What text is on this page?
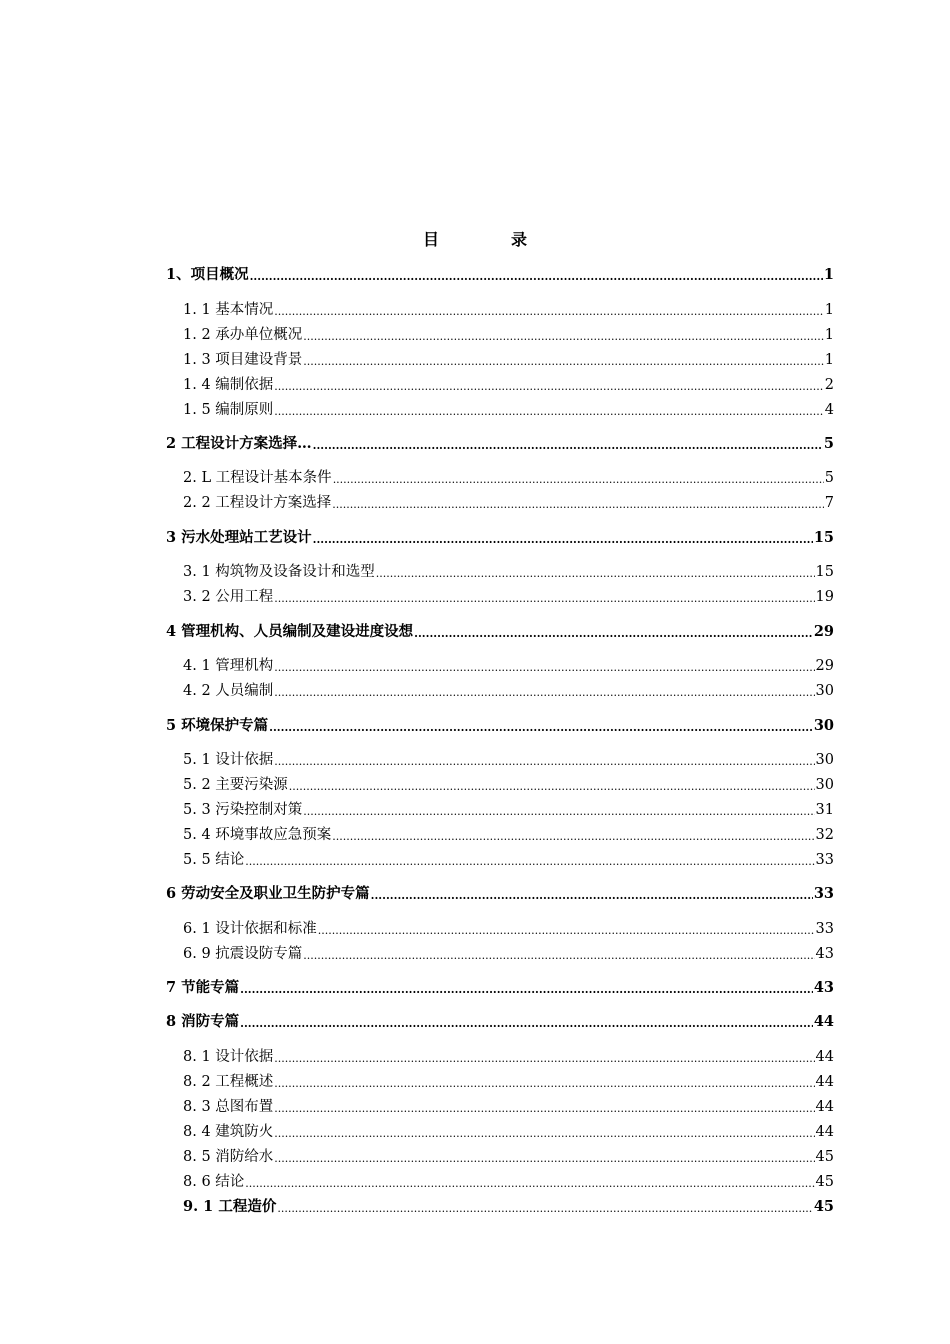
目　录
1、项目概况 .....	1
1. 1 基本情况 .....	1
1. 2 承办单位概况 .....	1
1. 3 项目建设背景 .....	1
1. 4 编制依据 .....	2
1. 5 编制原则 .....	4
2 工程设计方案选择… .....	5
2. L 工程设计基本条件 .....	5
2. 2 工程设计方案选择 .....	7
3 污水处理站工艺设计 .....	15
3. 1 构筑物及设备设计和选型 .....	15
3. 2 公用工程 .....	19
4 管理机构、人员编制及建设进度设想 .....	29
4. 1 管理机构 .....	29
4. 2 人员编制 .....	30
5 环境保护专篇 .....	30
5. 1 设计依据 .....	30
5. 2 主要污染源 .....	30
5. 3 污染控制对策 .....	31
5. 4 环境事故应急预案 .....	32
5. 5 结论 .....	33
6 劳动安全及职业卫生防护专篇 .....	33
6. 1 设计依据和标准 .....	33
6. 9 抗震设防专篇 .....	43
7 节能专篇 .....	43
8 消防专篇 .....	44
8. 1 设计依据 .....	44
8. 2 工程概述 .....	44
8. 3 总图布置 .....	44
8. 4 建筑防火 .....	44
8. 5 消防给水 .....	45
8. 6 结论 .....	45
9. 1 工程造价 .....	45
